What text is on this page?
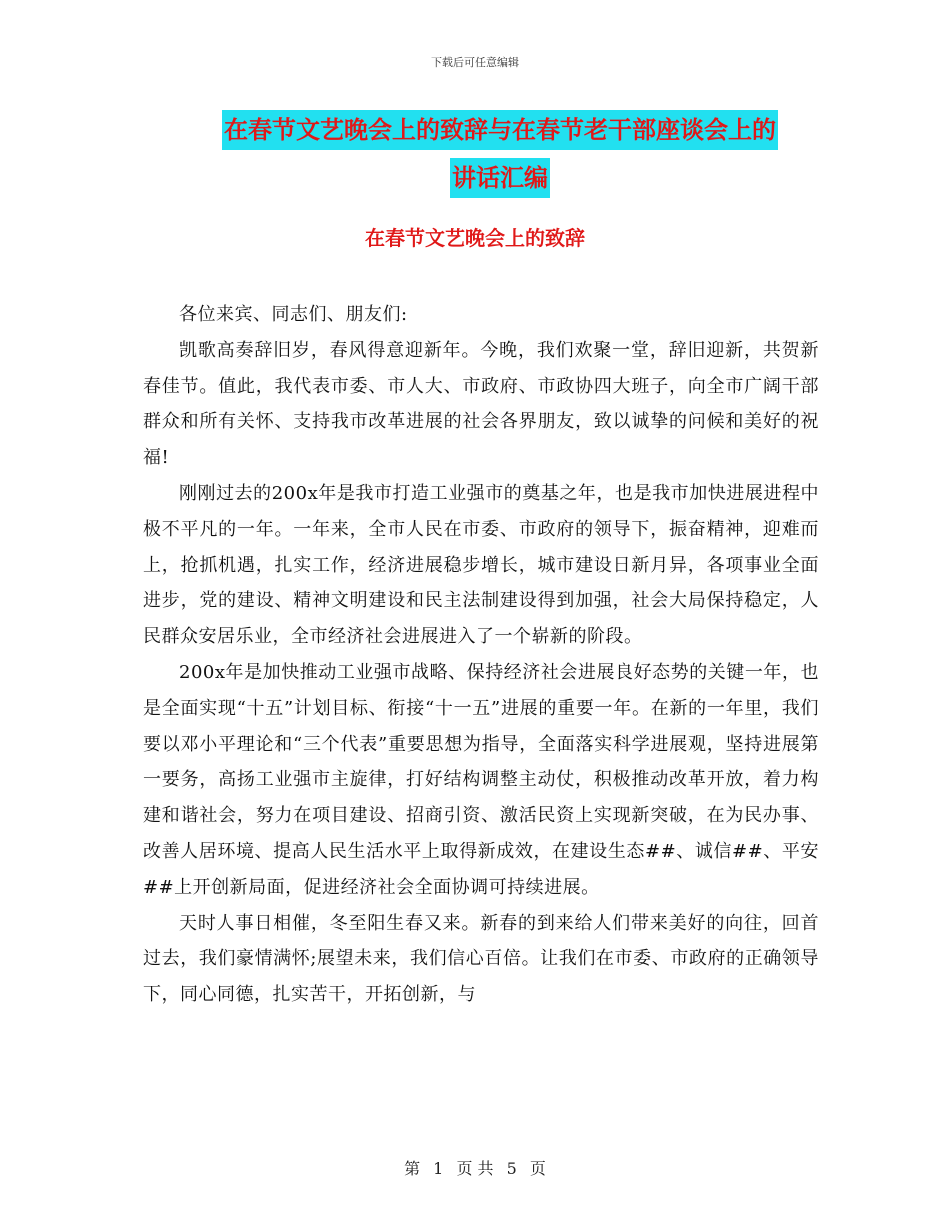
下载后可任意编辑
在春节文艺晚会上的致辞与在春节老干部座谈会上的
讲话汇编
在春节文艺晚会上的致辞

各位来宾、同志们、朋友们:

凯歌高奏辞旧岁，春风得意迎新年。今晚，我们欢聚一堂，辞旧迎新，共贺新春佳节。值此，我代表市委、市人大、市政府、市政协四大班子，向全市广阔干部群众和所有关怀、支持我市改革进展的社会各界朋友，致以诚挚的问候和美好的祝福!

刚刚过去的200x年是我市打造工业强市的奠基之年，也是我市加快进展进程中极不平凡的一年。一年来，全市人民在市委、市政府的领导下，振奋精神，迎难而上，抢抓机遇，扎实工作，经济进展稳步增长，城市建设日新月异，各项事业全面进步，党的建设、精神文明建设和民主法制建设得到加强，社会大局保持稳定，人民群众安居乐业，全市经济社会进展进入了一个崭新的阶段。

200x年是加快推动工业强市战略、保持经济社会进展良好态势的关键一年，也是全面实现“十五”计划目标、衔接“十一五”进展的重要一年。在新的一年里，我们要以邓小平理论和“三个代表”重要思想为指导，全面落实科学进展观，坚持进展第一要务，高扬工业强市主旋律，打好结构调整主动仗，积极推动改革开放，着力构建和谐社会，努力在项目建设、招商引资、激活民资上实现新突破，在为民办事、改善人居环境、提高人民生活水平上取得新成效，在建设生态##、诚信##、平安##上开创新局面，促进经济社会全面协调可持续进展。

天时人事日相催，冬至阳生春又来。新春的到来给人们带来美好的向往，回首过去，我们豪情满怀;展望未来，我们信心百倍。让我们在市委、市政府的正确领导下，同心同德，扎实苦干，开拓创新，与

第 1 页 共 5 页
